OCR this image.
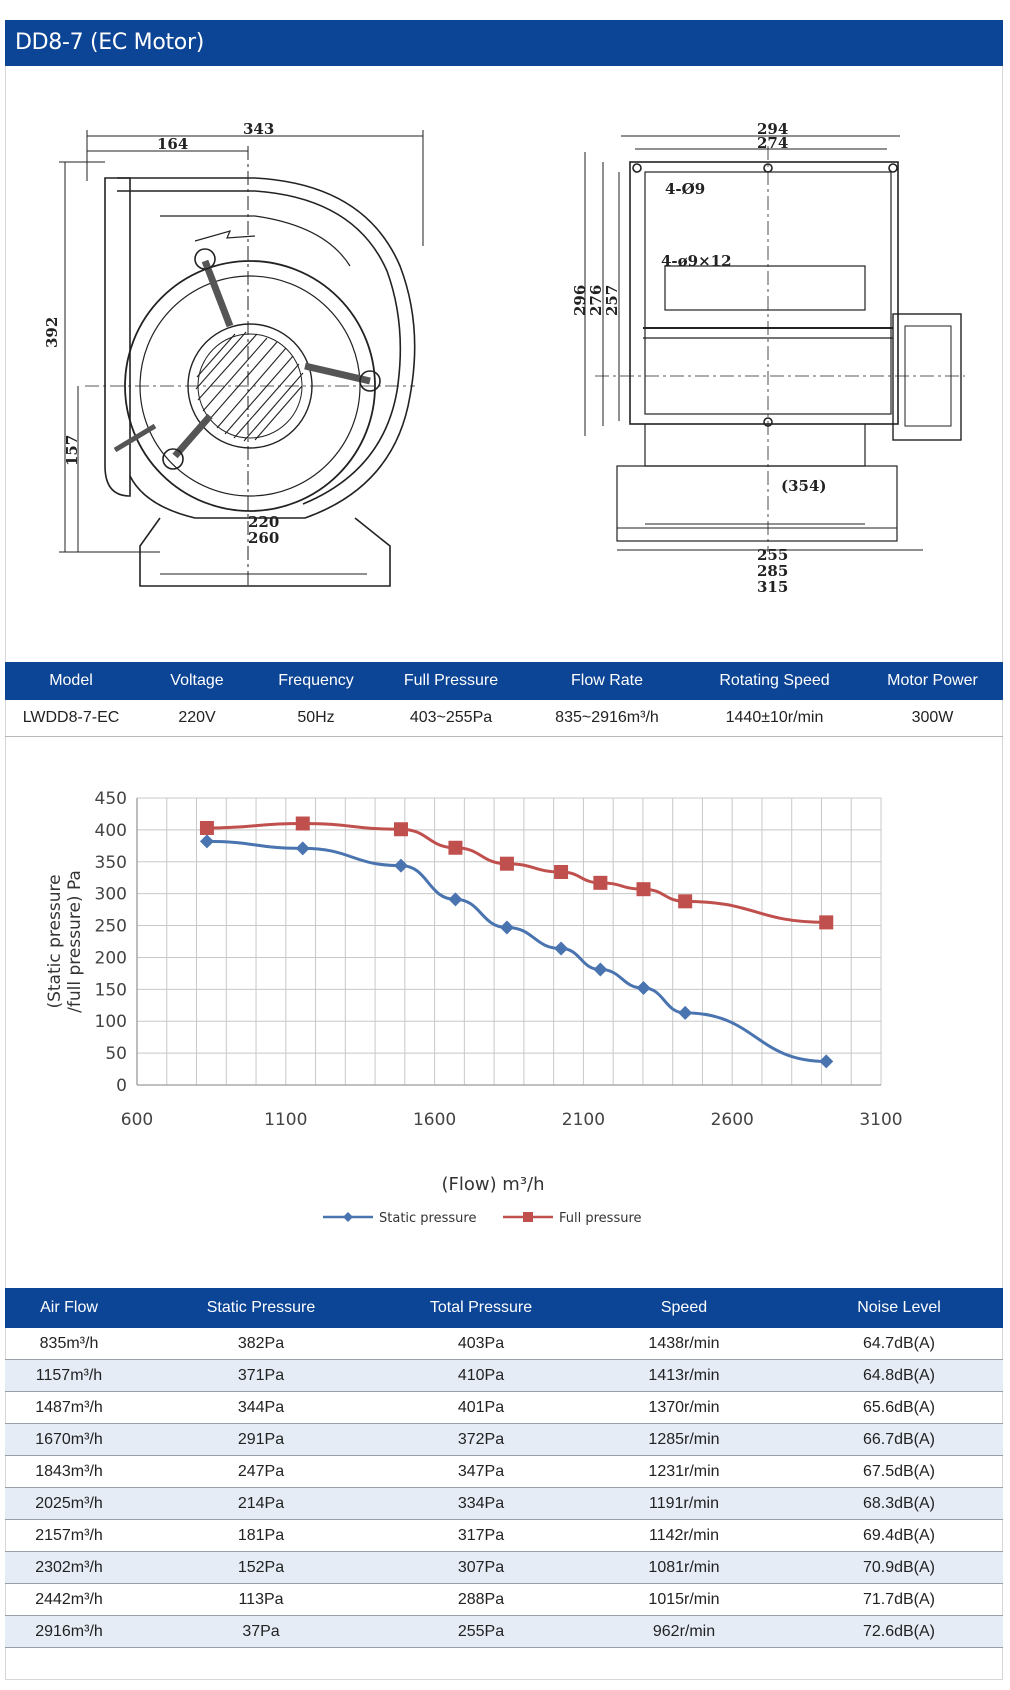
DD8-7 (EC Motor)
343
164
392
157
220
260
294
274
296
276
257
4-Ø9
4-ø9×12
(354)
255
285
315
Model	Voltage	Frequency	Full Pressure	Flow Rate	Rotating Speed	Motor Power
LWDD8-7-EC	220V	50Hz	403~255Pa	835~2916m³/h	1440±10r/min	300W
0
50
100
150
200
250
300
350
400
450
600	1100	1600	2100	2600	3100
(Static pressure/full pressure) Pa
(Flow) m³/h
Static pressure	Full pressure
Air Flow	Static Pressure	Total Pressure	Speed	Noise Level
835m³/h	382Pa	403Pa	1438r/min	64.7dB(A)
1157m³/h	371Pa	410Pa	1413r/min	64.8dB(A)
1487m³/h	344Pa	401Pa	1370r/min	65.6dB(A)
1670m³/h	291Pa	372Pa	1285r/min	66.7dB(A)
1843m³/h	247Pa	347Pa	1231r/min	67.5dB(A)
2025m³/h	214Pa	334Pa	1191r/min	68.3dB(A)
2157m³/h	181Pa	317Pa	1142r/min	69.4dB(A)
2302m³/h	152Pa	307Pa	1081r/min	70.9dB(A)
2442m³/h	113Pa	288Pa	1015r/min	71.7dB(A)
2916m³/h	37Pa	255Pa	962r/min	72.6dB(A)
